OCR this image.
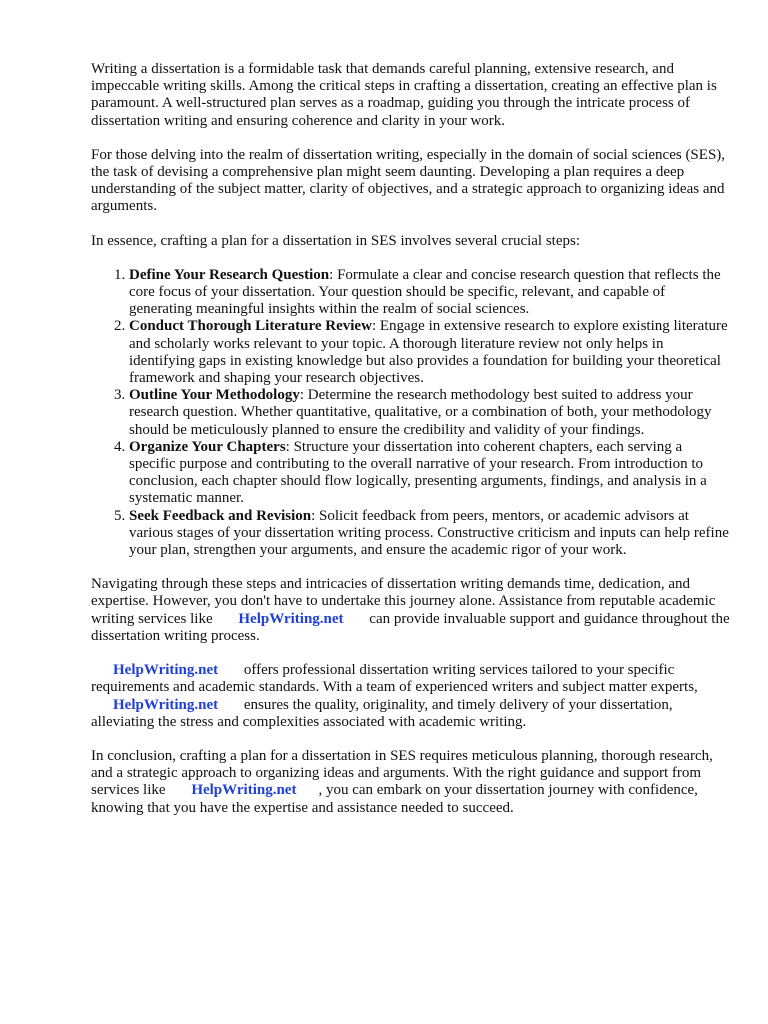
Writing a dissertation is a formidable task that demands careful planning, extensive research, and impeccable writing skills. Among the critical steps in crafting a dissertation, creating an effective plan is paramount. A well-structured plan serves as a roadmap, guiding you through the intricate process of dissertation writing and ensuring coherence and clarity in your work.

For those delving into the realm of dissertation writing, especially in the domain of social sciences (SES), the task of devising a comprehensive plan might seem daunting. Developing a plan requires a deep understanding of the subject matter, clarity of objectives, and a strategic approach to organizing ideas and arguments.

In essence, crafting a plan for a dissertation in SES involves several crucial steps:

1. Define Your Research Question: Formulate a clear and concise research question that reflects the core focus of your dissertation. Your question should be specific, relevant, and capable of generating meaningful insights within the realm of social sciences.
2. Conduct Thorough Literature Review: Engage in extensive research to explore existing literature and scholarly works relevant to your topic. A thorough literature review not only helps in identifying gaps in existing knowledge but also provides a foundation for building your theoretical framework and shaping your research objectives.
3. Outline Your Methodology: Determine the research methodology best suited to address your research question. Whether quantitative, qualitative, or a combination of both, your methodology should be meticulously planned to ensure the credibility and validity of your findings.
4. Organize Your Chapters: Structure your dissertation into coherent chapters, each serving a specific purpose and contributing to the overall narrative of your research. From introduction to conclusion, each chapter should flow logically, presenting arguments, findings, and analysis in a systematic manner.
5. Seek Feedback and Revision: Solicit feedback from peers, mentors, or academic advisors at various stages of your dissertation writing process. Constructive criticism and inputs can help refine your plan, strengthen your arguments, and ensure the academic rigor of your work.

Navigating through these steps and intricacies of dissertation writing demands time, dedication, and expertise. However, you don't have to undertake this journey alone. Assistance from reputable academic writing services like HelpWriting.net can provide invaluable support and guidance throughout the dissertation writing process.

HelpWriting.net offers professional dissertation writing services tailored to your specific requirements and academic standards. With a team of experienced writers and subject matter experts, HelpWriting.net ensures the quality, originality, and timely delivery of your dissertation, alleviating the stress and complexities associated with academic writing.

In conclusion, crafting a plan for a dissertation in SES requires meticulous planning, thorough research, and a strategic approach to organizing ideas and arguments. With the right guidance and support from services like HelpWriting.net , you can embark on your dissertation journey with confidence, knowing that you have the expertise and assistance needed to succeed.
